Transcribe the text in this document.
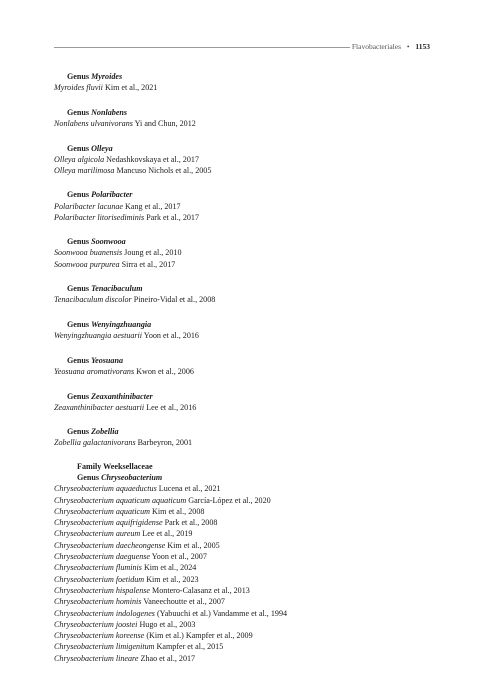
Flavobacteriales • 1153
Genus Myroides
Myroides fluvii Kim et al., 2021
Genus Nonlabens
Nonlabens ulvanivorans Yi and Chun, 2012
Genus Olleya
Olleya algicola Nedashkovskaya et al., 2017
Olleya marilimosa Mancuso Nichols et al., 2005
Genus Polaribacter
Polaribacter lacunae Kang et al., 2017
Polaribacter litorisediminis Park et al., 2017
Genus Soonwooa
Soonwooa buanensis Joung et al., 2010
Soonwooa purpurea Sirra et al., 2017
Genus Tenacibaculum
Tenacibaculum discolor Pineiro-Vidal et al., 2008
Genus Wenyingzhuangia
Wenyingzhuangia aestuarii Yoon et al., 2016
Genus Yeosuana
Yeosuana aromativorans Kwon et al., 2006
Genus Zeaxanthinibacter
Zeaxanthinibacter aestuarii Lee et al., 2016
Genus Zobellia
Zobellia galactanivorans Barbeyron, 2001
Family Weeksellaceae
Genus Chryseobacterium
Chryseobacterium aquaeductus Lucena et al., 2021
Chryseobacterium aquaticum aquaticum García-López et al., 2020
Chryseobacterium aquaticum Kim et al., 2008
Chryseobacterium aquifrigidense Park et al., 2008
Chryseobacterium aureum Lee et al., 2019
Chryseobacterium daecheongense Kim et al., 2005
Chryseobacterium daeguense Yoon et al., 2007
Chryseobacterium fluminis Kim et al., 2024
Chryseobacterium foetidum Kim et al., 2023
Chryseobacterium hispalense Montero-Calasanz et al., 2013
Chryseobacterium hominis Vaneechoutte et al., 2007
Chryseobacterium indologenes (Yabuuchi et al.) Vandamme et al., 1994
Chryseobacterium joostei Hugo et al., 2003
Chryseobacterium koreense (Kim et al.) Kampfer et al., 2009
Chryseobacterium limigenitum Kampfer et al., 2015
Chryseobacterium lineare Zhao et al., 2017
